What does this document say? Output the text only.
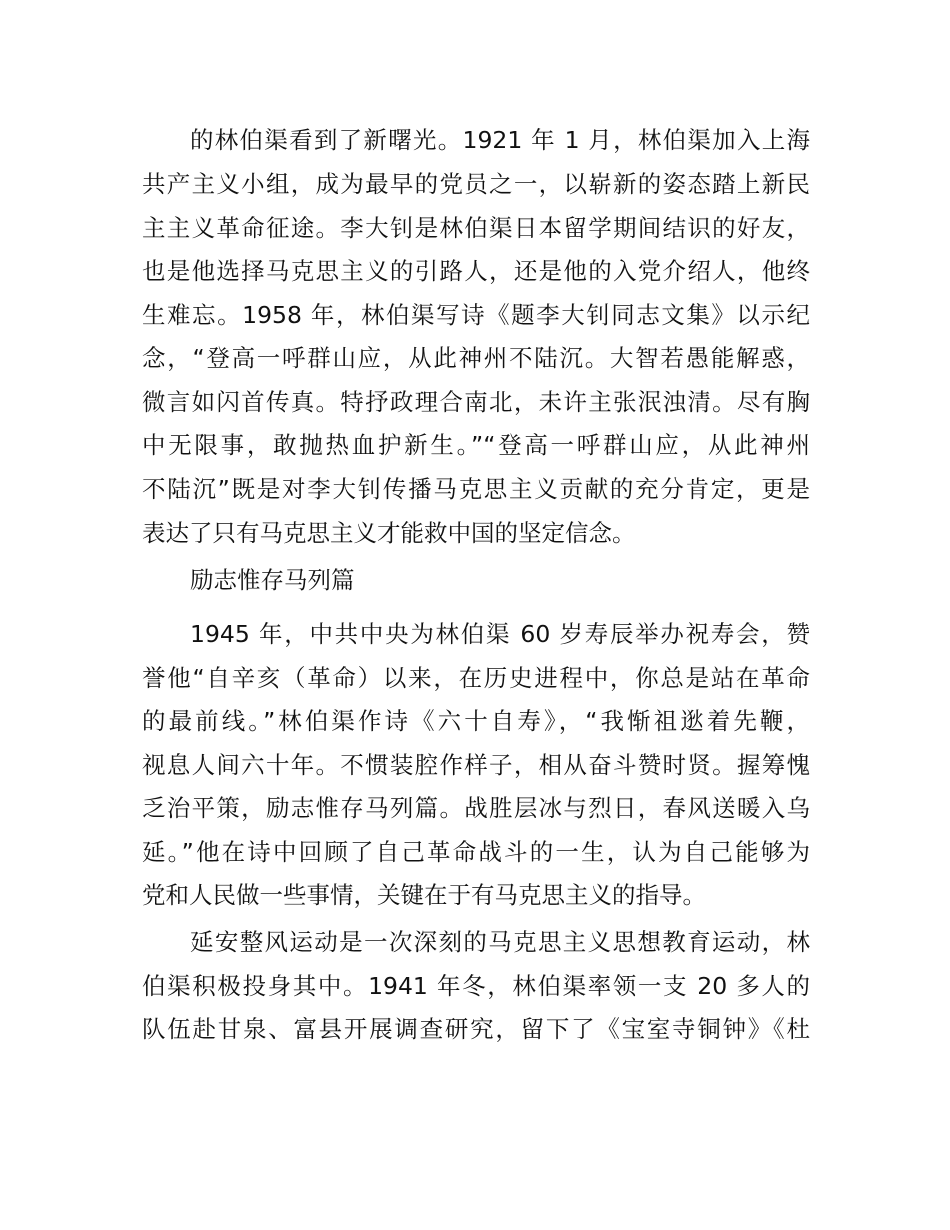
的林伯渠看到了新曙光。1921 年 1 月，林伯渠加入上海
共产主义小组，成为最早的党员之一，以崭新的姿态踏上新民
主主义革命征途。李大钊是林伯渠日本留学期间结识的好友，
也是他选择马克思主义的引路人，还是他的入党介绍人，他终
生难忘。1958 年，林伯渠写诗《题李大钊同志文集》以示纪
念，“登高一呼群山应，从此神州不陆沉。大智若愚能解惑，
微言如闪首传真。特抒政理合南北，未许主张泯浊清。尽有胸
中无限事，敢抛热血护新生。”“登高一呼群山应，从此神州
不陆沉”既是对李大钊传播马克思主义贡献的充分肯定，更是
表达了只有马克思主义才能救中国的坚定信念。
励志惟存马列篇
1945 年，中共中央为林伯渠 60 岁寿辰举办祝寿会，赞
誉他“自辛亥（革命）以来，在历史进程中，你总是站在革命
的最前线。”林伯渠作诗《六十自寿》，“我惭祖逖着先鞭，
视息人间六十年。不惯装腔作样子，相从奋斗赞时贤。握筹愧
乏治平策，励志惟存马列篇。战胜层冰与烈日，春风送暖入乌
延。”他在诗中回顾了自己革命战斗的一生，认为自己能够为
党和人民做一些事情，关键在于有马克思主义的指导。
延安整风运动是一次深刻的马克思主义思想教育运动，林
伯渠积极投身其中。1941 年冬，林伯渠率领一支 20 多人的
队伍赴甘泉、富县开展调查研究，留下了《宝室寺铜钟》《杜
